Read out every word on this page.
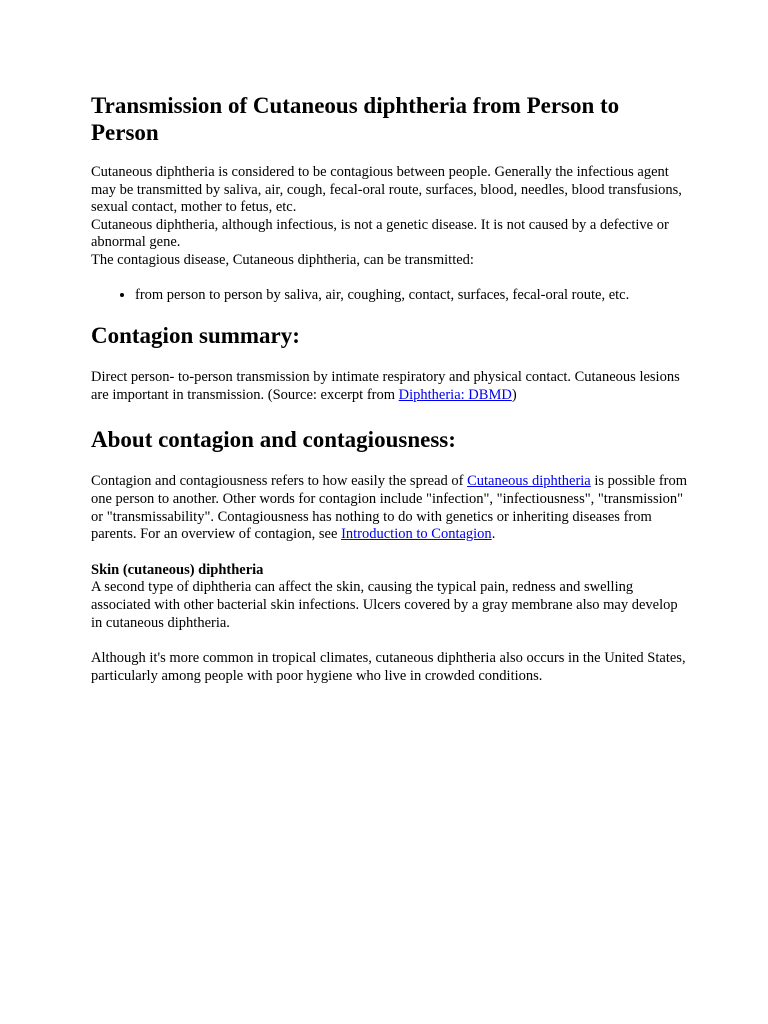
Transmission of Cutaneous diphtheria from Person to Person

Cutaneous diphtheria is considered to be contagious between people. Generally the infectious agent may be transmitted by saliva, air, cough, fecal-oral route, surfaces, blood, needles, blood transfusions, sexual contact, mother to fetus, etc.

Cutaneous diphtheria, although infectious, is not a genetic disease. It is not caused by a defective or abnormal gene.

The contagious disease, Cutaneous diphtheria, can be transmitted:

• from person to person by saliva, air, coughing, contact, surfaces, fecal-oral route, etc.
Contagion summary:

Direct person- to-person transmission by intimate respiratory and physical contact. Cutaneous lesions are important in transmission. (Source: excerpt from Diphtheria: DBMD)

About contagion and contagiousness:

Contagion and contagiousness refers to how easily the spread of Cutaneous diphtheria is possible from one person to another. Other words for contagion include "infection", "infectiousness", "transmission" or "transmissability". Contagiousness has nothing to do with genetics or inheriting diseases from parents. For an overview of contagion, see Introduction to Contagion.

Skin (cutaneous) diphtheria
A second type of diphtheria can affect the skin, causing the typical pain, redness and swelling associated with other bacterial skin infections. Ulcers covered by a gray membrane also may develop in cutaneous diphtheria.

Although it's more common in tropical climates, cutaneous diphtheria also occurs in the United States, particularly among people with poor hygiene who live in crowded conditions.
